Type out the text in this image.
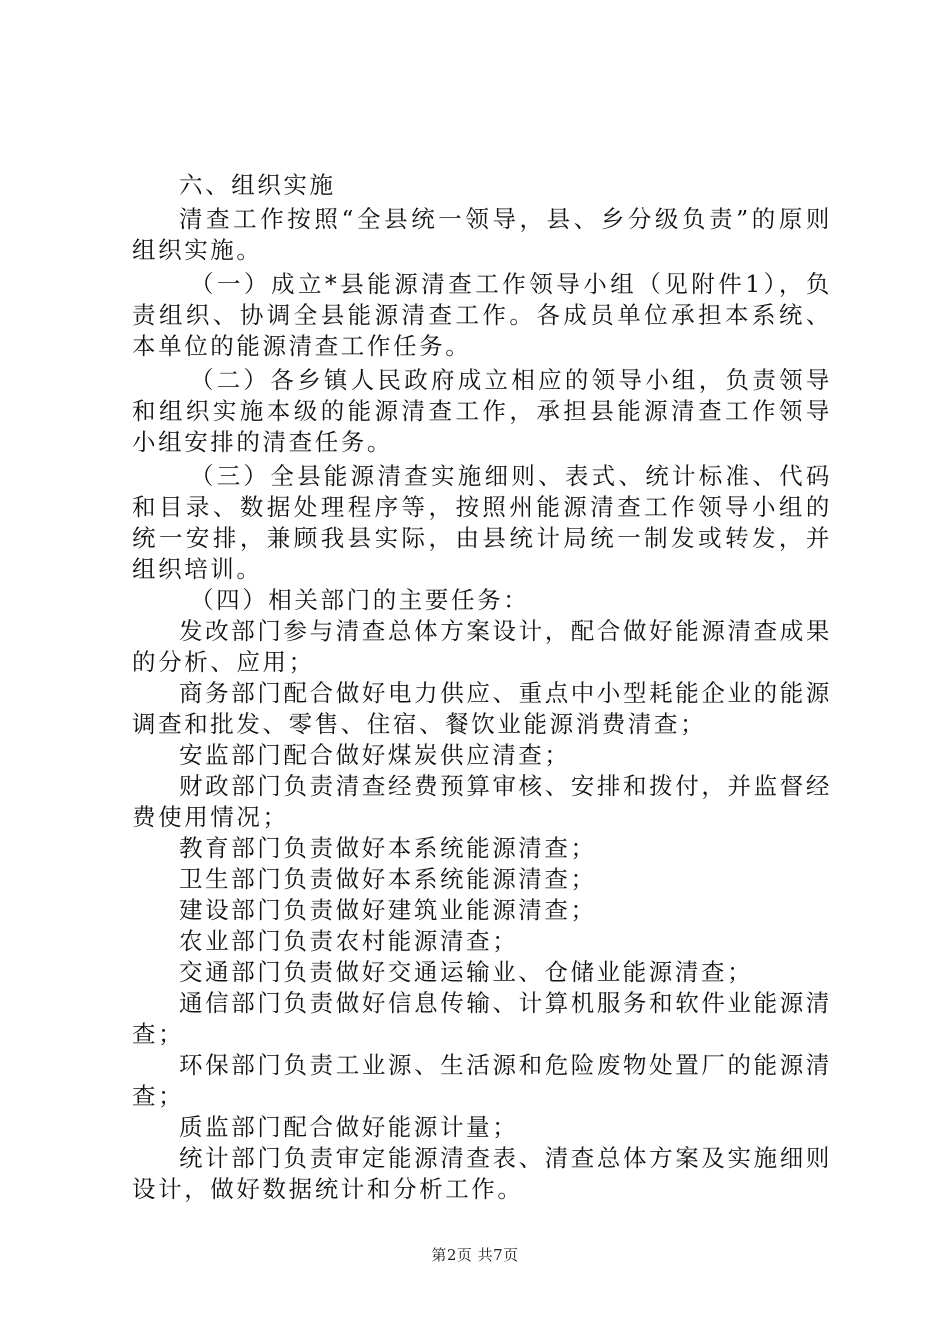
六、组织实施

清查工作按照“全县统一领导，县、乡分级负责”的原则组织实施。

（一）成立*县能源清查工作领导小组（见附件1），负责组织、协调全县能源清查工作。各成员单位承担本系统、本单位的能源清查工作任务。

（二）各乡镇人民政府成立相应的领导小组，负责领导和组织实施本级的能源清查工作，承担县能源清查工作领导小组安排的清查任务。

（三）全县能源清查实施细则、表式、统计标准、代码和目录、数据处理程序等，按照州能源清查工作领导小组的统一安排，兼顾我县实际，由县统计局统一制发或转发，并组织培训。

（四）相关部门的主要任务：

发改部门参与清查总体方案设计，配合做好能源清查成果的分析、应用；

商务部门配合做好电力供应、重点中小型耗能企业的能源调查和批发、零售、住宿、餐饮业能源消费清查；

安监部门配合做好煤炭供应清查；

财政部门负责清查经费预算审核、安排和拨付，并监督经费使用情况；

教育部门负责做好本系统能源清查；

卫生部门负责做好本系统能源清查；

建设部门负责做好建筑业能源清查；

农业部门负责农村能源清查；

交通部门负责做好交通运输业、仓储业能源清查；

通信部门负责做好信息传输、计算机服务和软件业能源清查；

环保部门负责工业源、生活源和危险废物处置厂的能源清查；

质监部门配合做好能源计量；

统计部门负责审定能源清查表、清查总体方案及实施细则设计，做好数据统计和分析工作。

第2页 共7页
